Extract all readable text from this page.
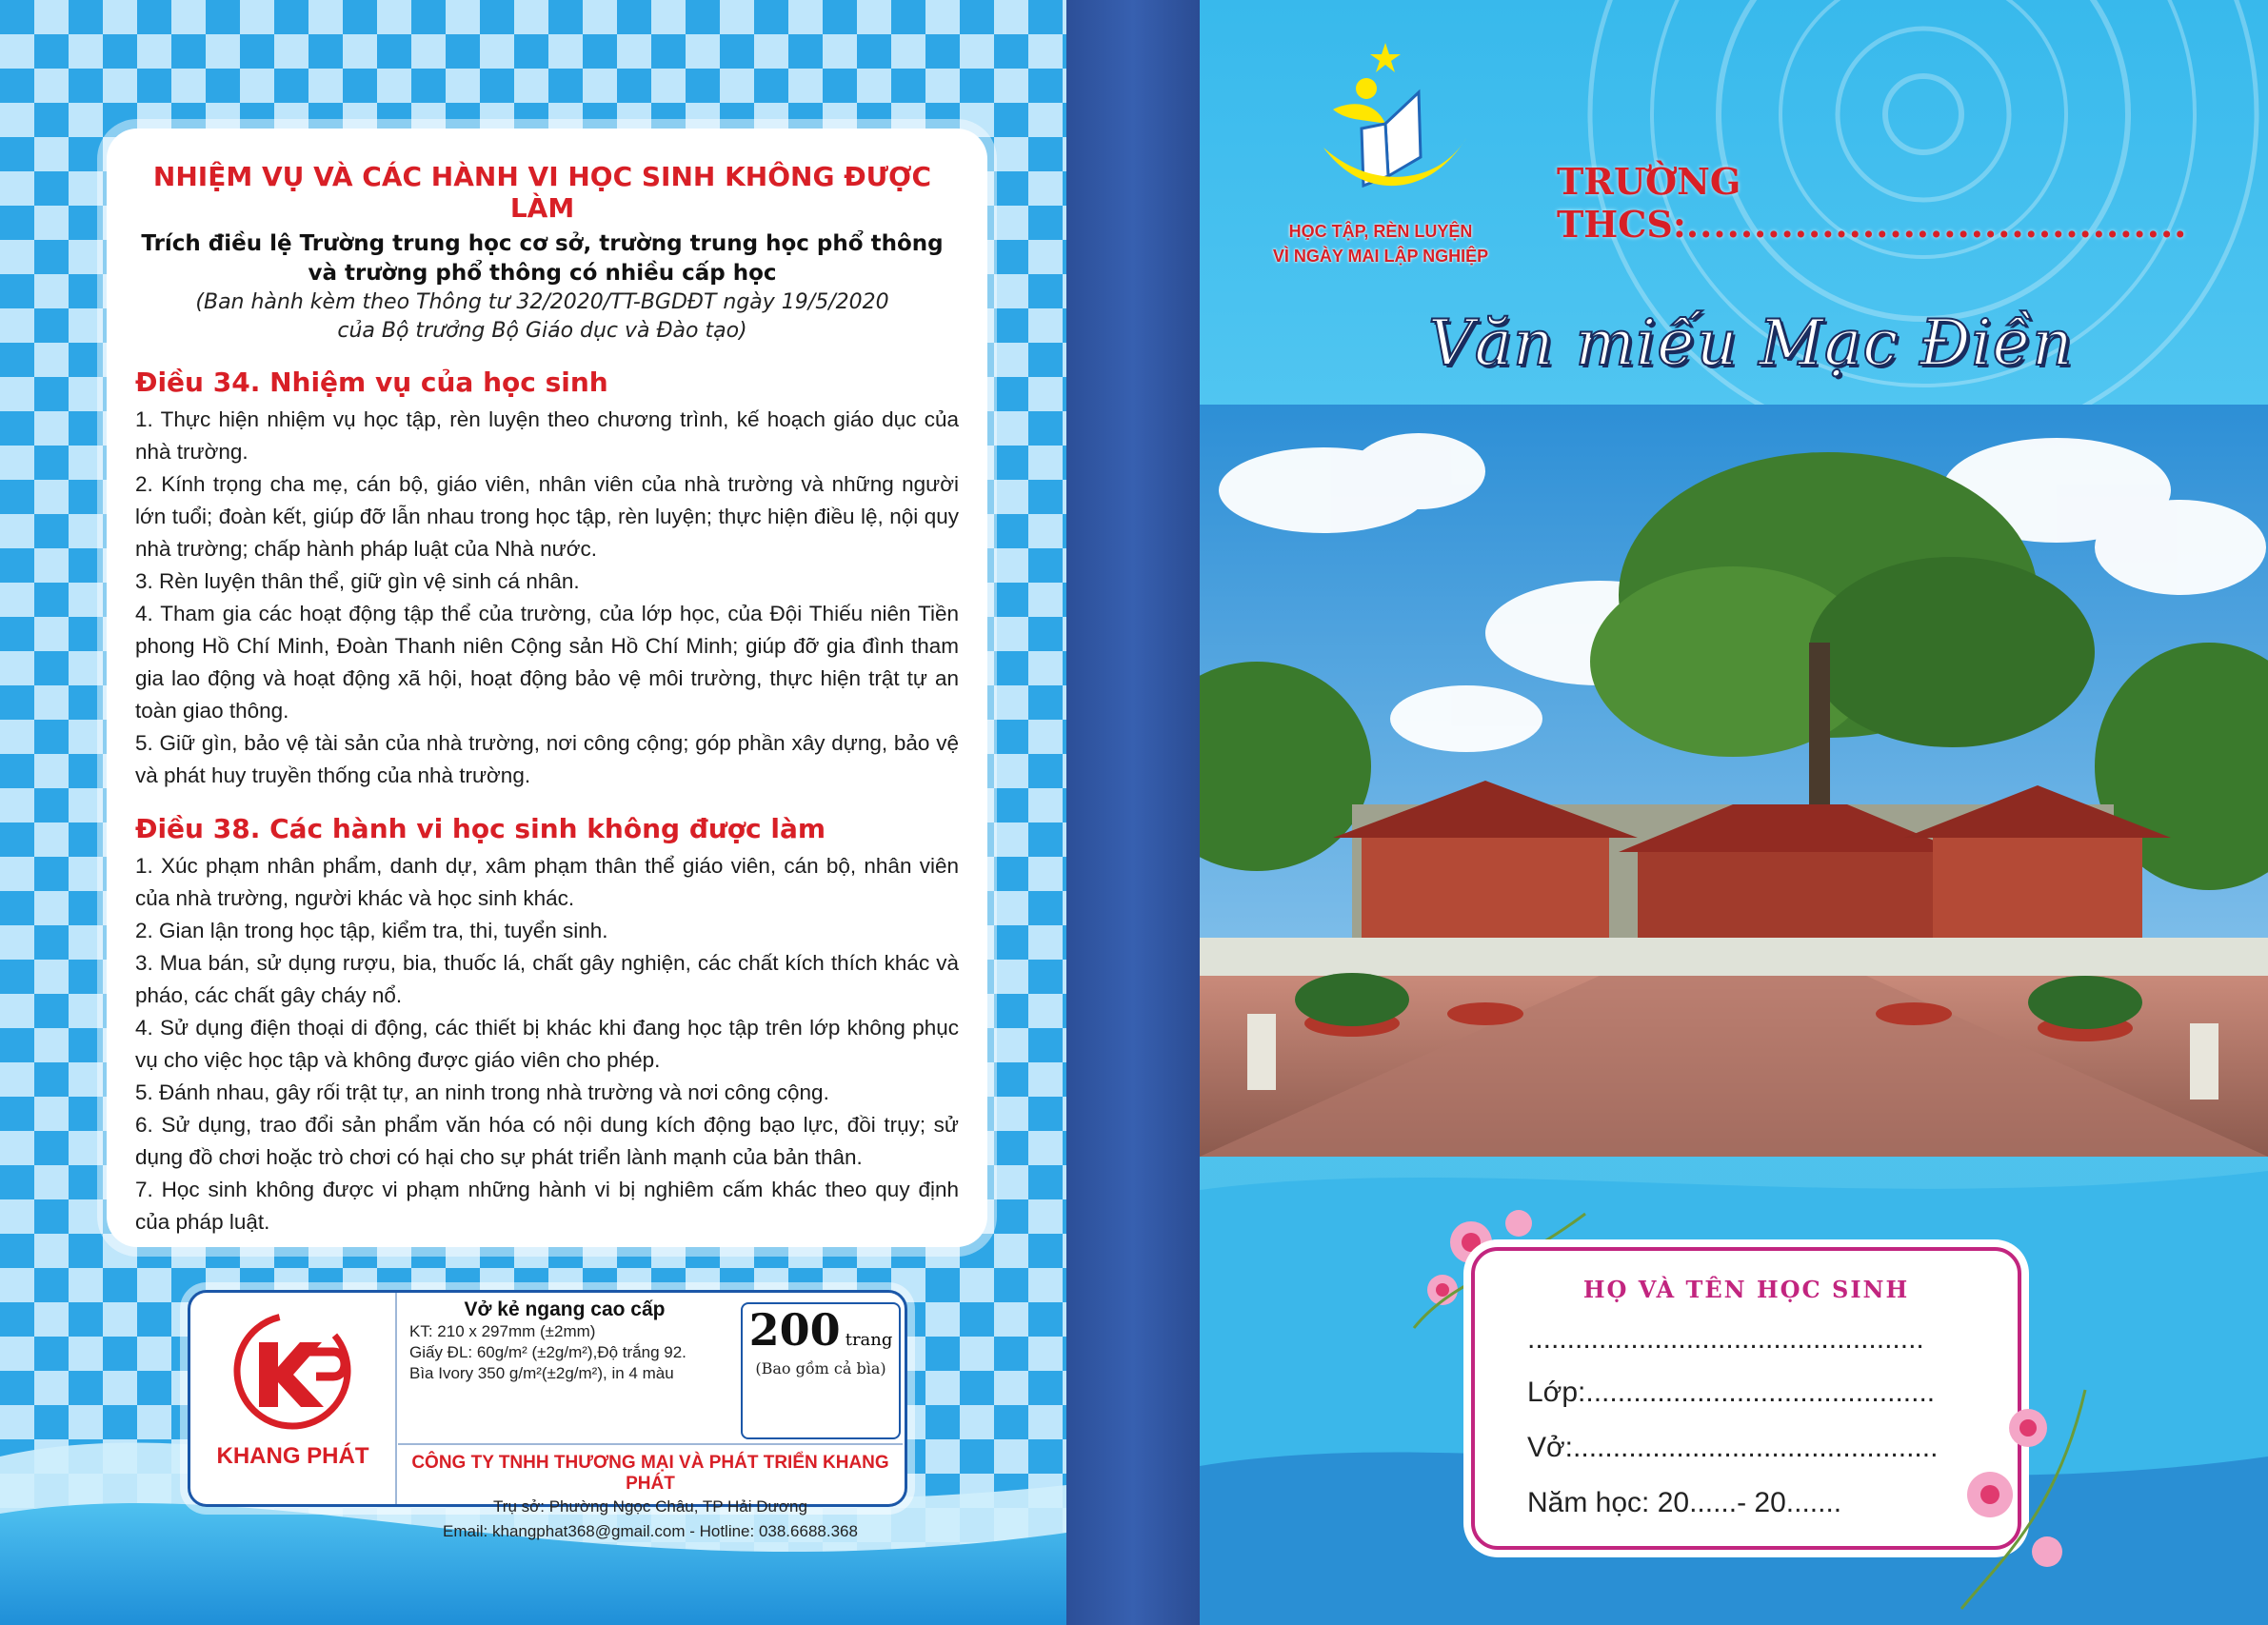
NHIỆM VỤ VÀ CÁC HÀNH VI HỌC SINH KHÔNG ĐƯỢC LÀM
Trích điều lệ Trường trung học cơ sở, trường trung học phổ thông
và trường phổ thông có nhiều cấp học
(Ban hành kèm theo Thông tư 32/2020/TT-BGDĐT ngày 19/5/2020
của Bộ trưởng Bộ Giáo dục và Đào tạo)
Điều 34. Nhiệm vụ của học sinh
1. Thực hiện nhiệm vụ học tập, rèn luyện theo chương trình, kế hoạch giáo dục của nhà trường.
2. Kính trọng cha mẹ, cán bộ, giáo viên, nhân viên của nhà trường và những người lớn tuổi; đoàn kết, giúp đỡ lẫn nhau trong học tập, rèn luyện; thực hiện điều lệ, nội quy nhà trường; chấp hành pháp luật của Nhà nước.
3. Rèn luyện thân thể, giữ gìn vệ sinh cá nhân.
4. Tham gia các hoạt động tập thể của trường, của lớp học, của Đội Thiếu niên Tiền phong Hồ Chí Minh, Đoàn Thanh niên Cộng sản Hồ Chí Minh; giúp đỡ gia đình tham gia lao động và hoạt động xã hội, hoạt động bảo vệ môi trường, thực hiện trật tự an toàn giao thông.
5. Giữ gìn, bảo vệ tài sản của nhà trường, nơi công cộng; góp phần xây dựng, bảo vệ và phát huy truyền thống của nhà trường.
Điều 38. Các hành vi học sinh không được làm
1. Xúc phạm nhân phẩm, danh dự, xâm phạm thân thể giáo viên, cán bộ, nhân viên của nhà trường, người khác và học sinh khác.
2. Gian lận trong học tập, kiểm tra, thi, tuyển sinh.
3. Mua bán, sử dụng rượu, bia, thuốc lá, chất gây nghiện, các chất kích thích khác và pháo, các chất gây cháy nổ.
4. Sử dụng điện thoại di động, các thiết bị khác khi đang học tập trên lớp không phục vụ cho việc học tập và không được giáo viên cho phép.
5. Đánh nhau, gây rối trật tự, an ninh trong nhà trường và nơi công cộng.
6. Sử dụng, trao đổi sản phẩm văn hóa có nội dung kích động bạo lực, đồi trụy; sử dụng đồ chơi hoặc trò chơi có hại cho sự phát triển lành mạnh của bản thân.
7. Học sinh không được vi phạm những hành vi bị nghiêm cấm khác theo quy định của pháp luật.
KHANG PHÁT
Vở kẻ ngang cao cấp
KT: 210 x 297mm (±2mm)
Giấy ĐL: 60g/m² (±2g/m²),Độ trắng 92.
Bìa Ivory 350 g/m²(±2g/m²), in 4 màu
200 trang
(Bao gồm cả bìa)
CÔNG TY TNHH THƯƠNG MẠI VÀ PHÁT TRIỂN KHANG PHÁT
Trụ sở: Phường Ngọc Châu, TP Hải Dương
Email: khangphat368@gmail.com - Hotline: 038.6688.368
HỌC TẬP, RÈN LUYỆN
VÌ NGÀY MAI LẬP NGHIỆP
TRƯỜNG THCS:.....................................
Văn miếu Mạc Điền
HỌ VÀ TÊN HỌC SINH
..................................................
Lớp:............................................
Vở:..............................................
Năm học: 20......- 20.......
